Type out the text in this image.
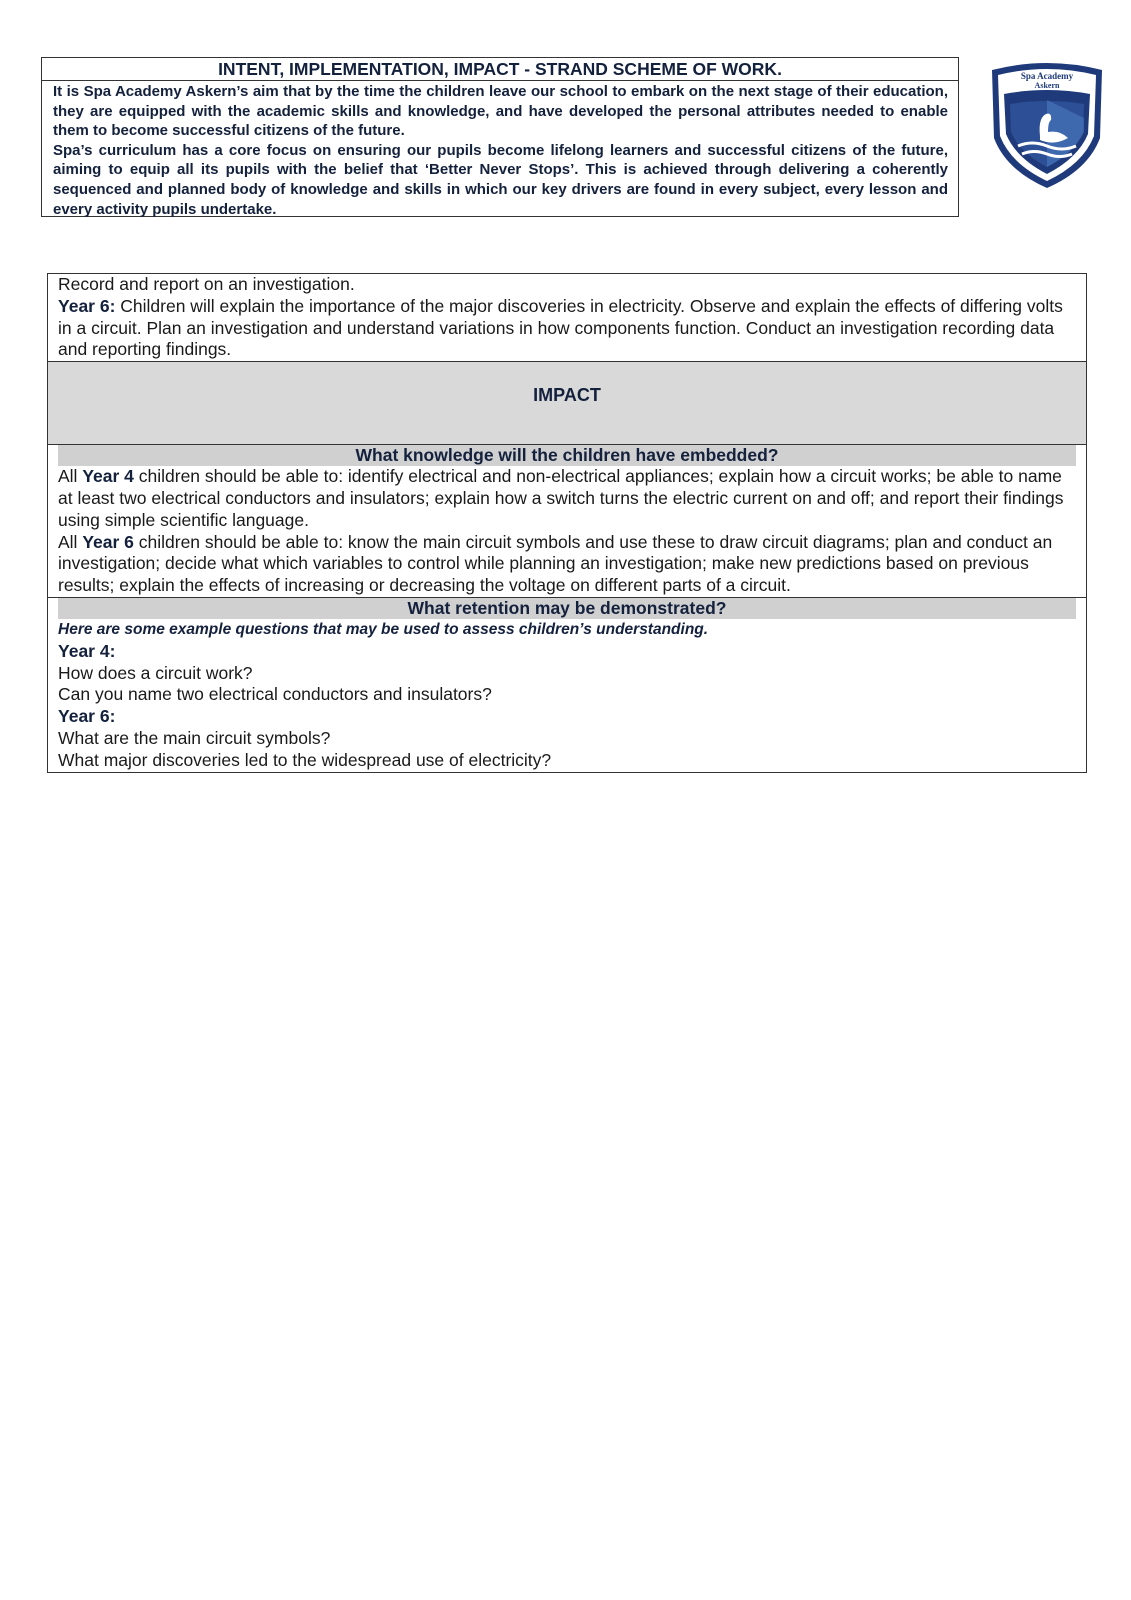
INTENT, IMPLEMENTATION, IMPACT - STRAND SCHEME OF WORK.

It is Spa Academy Askern’s aim that by the time the children leave our school to embark on the next stage of their education, they are equipped with the academic skills and knowledge, and have developed the personal attributes needed to enable them to become successful citizens of the future.

Spa’s curriculum has a core focus on ensuring our pupils become lifelong learners and successful citizens of the future, aiming to equip all its pupils with the belief that ‘Better Never Stops’. This is achieved through delivering a coherently sequenced and planned body of knowledge and skills in which our key drivers are found in every subject, every lesson and every activity pupils undertake.

Spa Academy
Askern

Record and report on an investigation.

Year 6: Children will explain the importance of the major discoveries in electricity. Observe and explain the effects of differing volts in a circuit. Plan an investigation and understand variations in how components function. Conduct an investigation recording data and reporting findings.

IMPACT
What knowledge will the children have embedded?

All Year 4 children should be able to: identify electrical and non-electrical appliances; explain how a circuit works; be able to name at least two electrical conductors and insulators; explain how a switch turns the electric current on and off; and report their findings using simple scientific language.

All Year 6 children should be able to: know the main circuit symbols and use these to draw circuit diagrams; plan and conduct an investigation; decide what which variables to control while planning an investigation; make new predictions based on previous results; explain the effects of increasing or decreasing the voltage on different parts of a circuit.

What retention may be demonstrated?

Here are some example questions that may be used to assess children’s understanding.

Year 4:

How does a circuit work?

Can you name two electrical conductors and insulators?

Year 6:

What are the main circuit symbols?

What major discoveries led to the widespread use of electricity?
